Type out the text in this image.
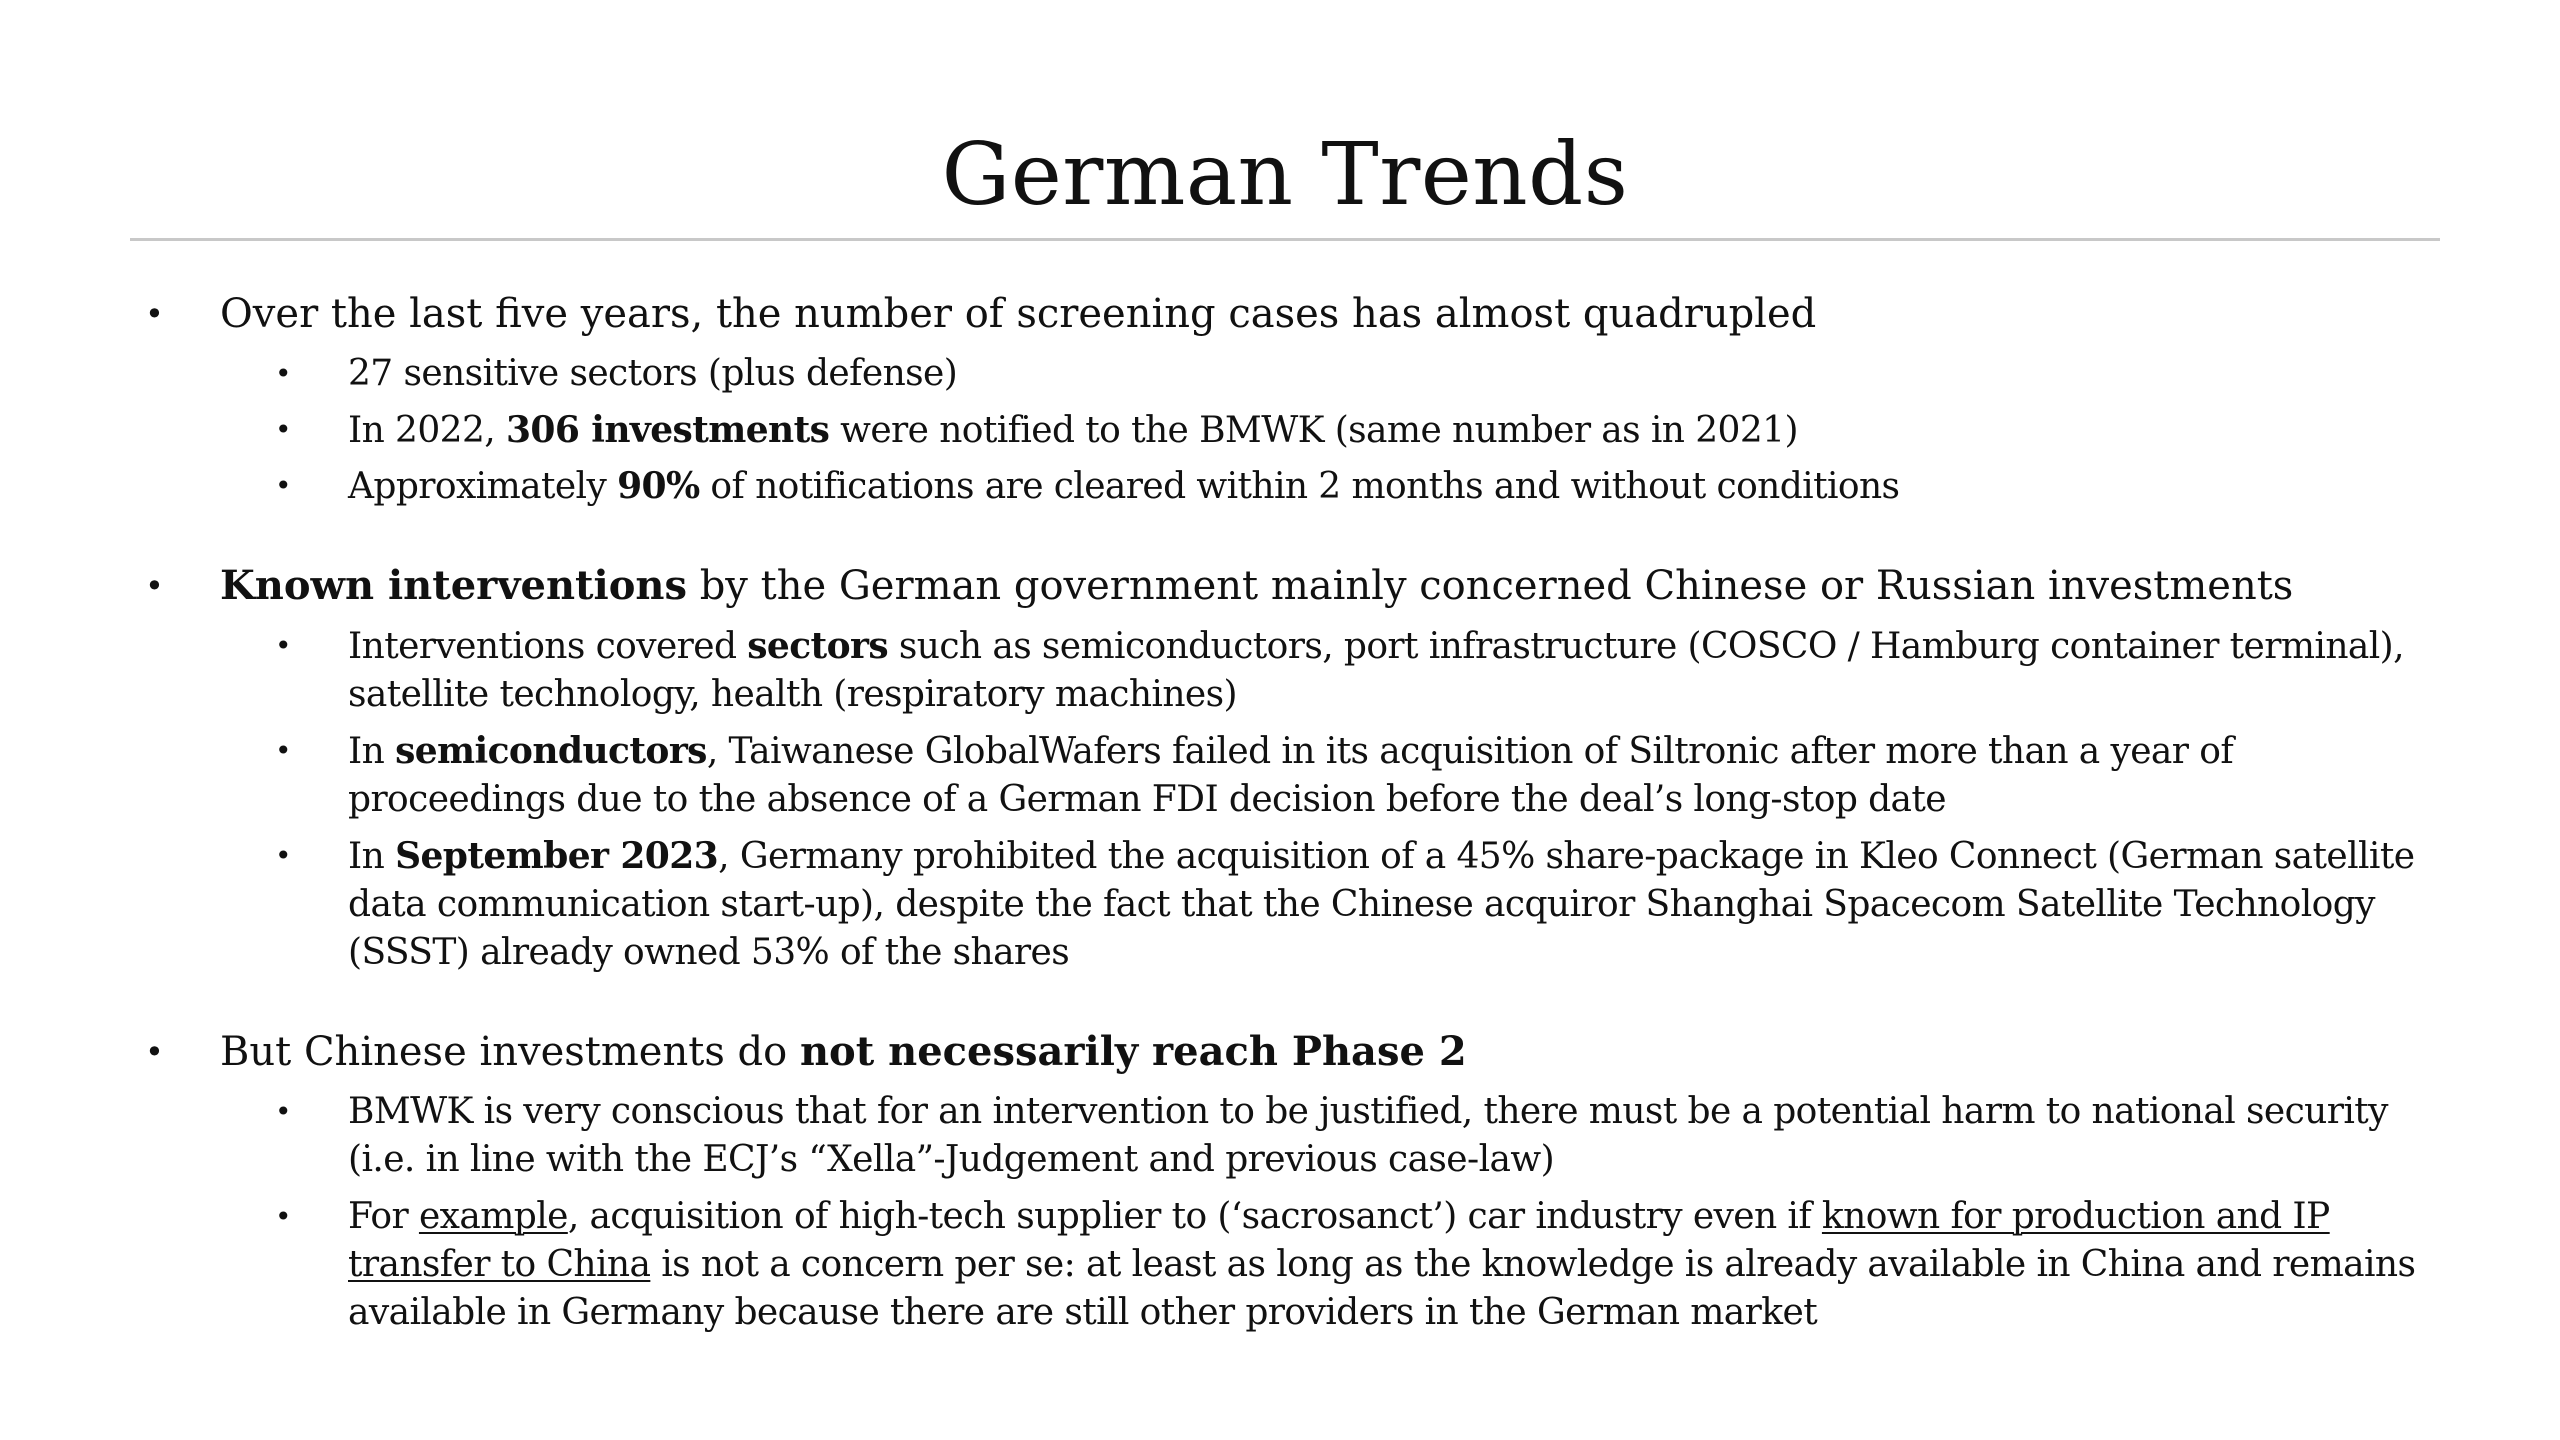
German Trends
• Over the last five years, the number of screening cases has almost quadrupled
• 27 sensitive sectors (plus defense)
• In 2022, 306 investments were notified to the BMWK (same number as in 2021)
• Approximately 90% of notifications are cleared within 2 months and without conditions
• Known interventions by the German government mainly concerned Chinese or Russian investments
• Interventions covered sectors such as semiconductors, port infrastructure (COSCO / Hamburg container terminal), satellite technology, health (respiratory machines)
• In semiconductors, Taiwanese GlobalWafers failed in its acquisition of Siltronic after more than a year of proceedings due to the absence of a German FDI decision before the deal’s long-stop date
• In September 2023, Germany prohibited the acquisition of a 45% share-package in Kleo Connect (German satellite data communication start-up), despite the fact that the Chinese acquiror Shanghai Spacecom Satellite Technology (SSST) already owned 53% of the shares
• But Chinese investments do not necessarily reach Phase 2
• BMWK is very conscious that for an intervention to be justified, there must be a potential harm to national security (i.e. in line with the ECJ’s “Xella”-Judgement and previous case-law)
• For example, acquisition of high-tech supplier to (‘sacrosanct’) car industry even if known for production and IP transfer to China is not a concern per se: at least as long as the knowledge is already available in China and remains available in Germany because there are still other providers in the German market
